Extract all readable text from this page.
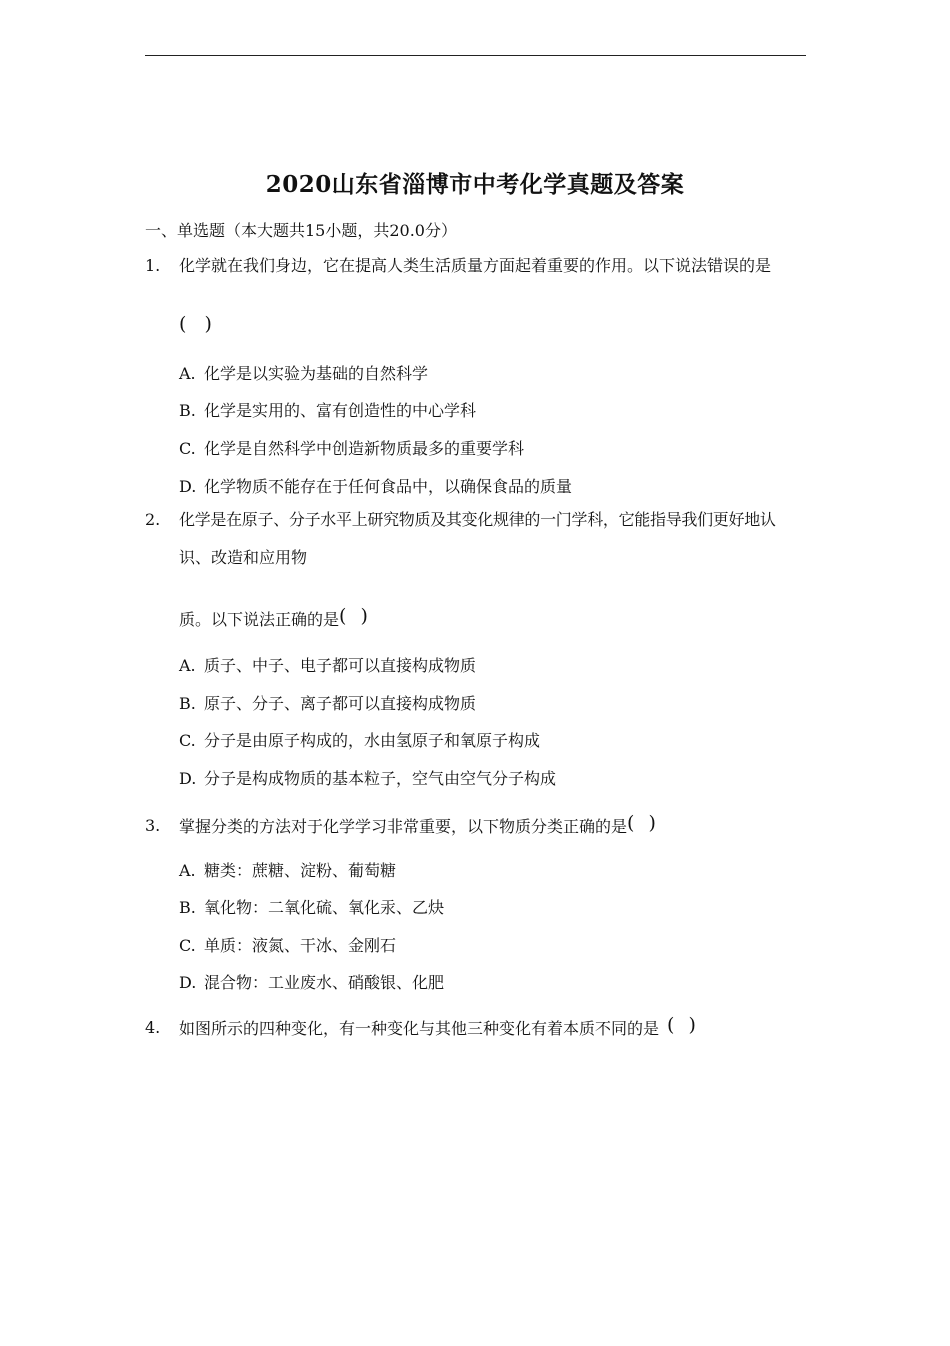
2020山东省淄博市中考化学真题及答案
一、单选题（本大题共15小题，共20.0分）
1. 化学就在我们身边，它在提高人类生活质量方面起着重要的作用。以下说法错误的是
( )
A. 化学是以实验为基础的自然科学
B. 化学是实用的、富有创造性的中心学科
C. 化学是自然科学中创造新物质最多的重要学科
D. 化学物质不能存在于任何食品中，以确保食品的质量
2. 化学是在原子、分子水平上研究物质及其变化规律的一门学科，它能指导我们更好地认
识、改造和应用物
质。以下说法正确的是( )
A. 质子、中子、电子都可以直接构成物质
B. 原子、分子、离子都可以直接构成物质
C. 分子是由原子构成的，水由氢原子和氧原子构成
D. 分子是构成物质的基本粒子，空气由空气分子构成
3. 掌握分类的方法对于化学学习非常重要，以下物质分类正确的是( )
A. 糖类：蔗糖、淀粉、葡萄糖
B. 氧化物：二氧化硫、氧化汞、乙炔
C. 单质：液氮、干冰、金刚石
D. 混合物：工业废水、硝酸银、化肥
4. 如图所示的四种变化，有一种变化与其他三种变化有着本质不同的是 ( )
